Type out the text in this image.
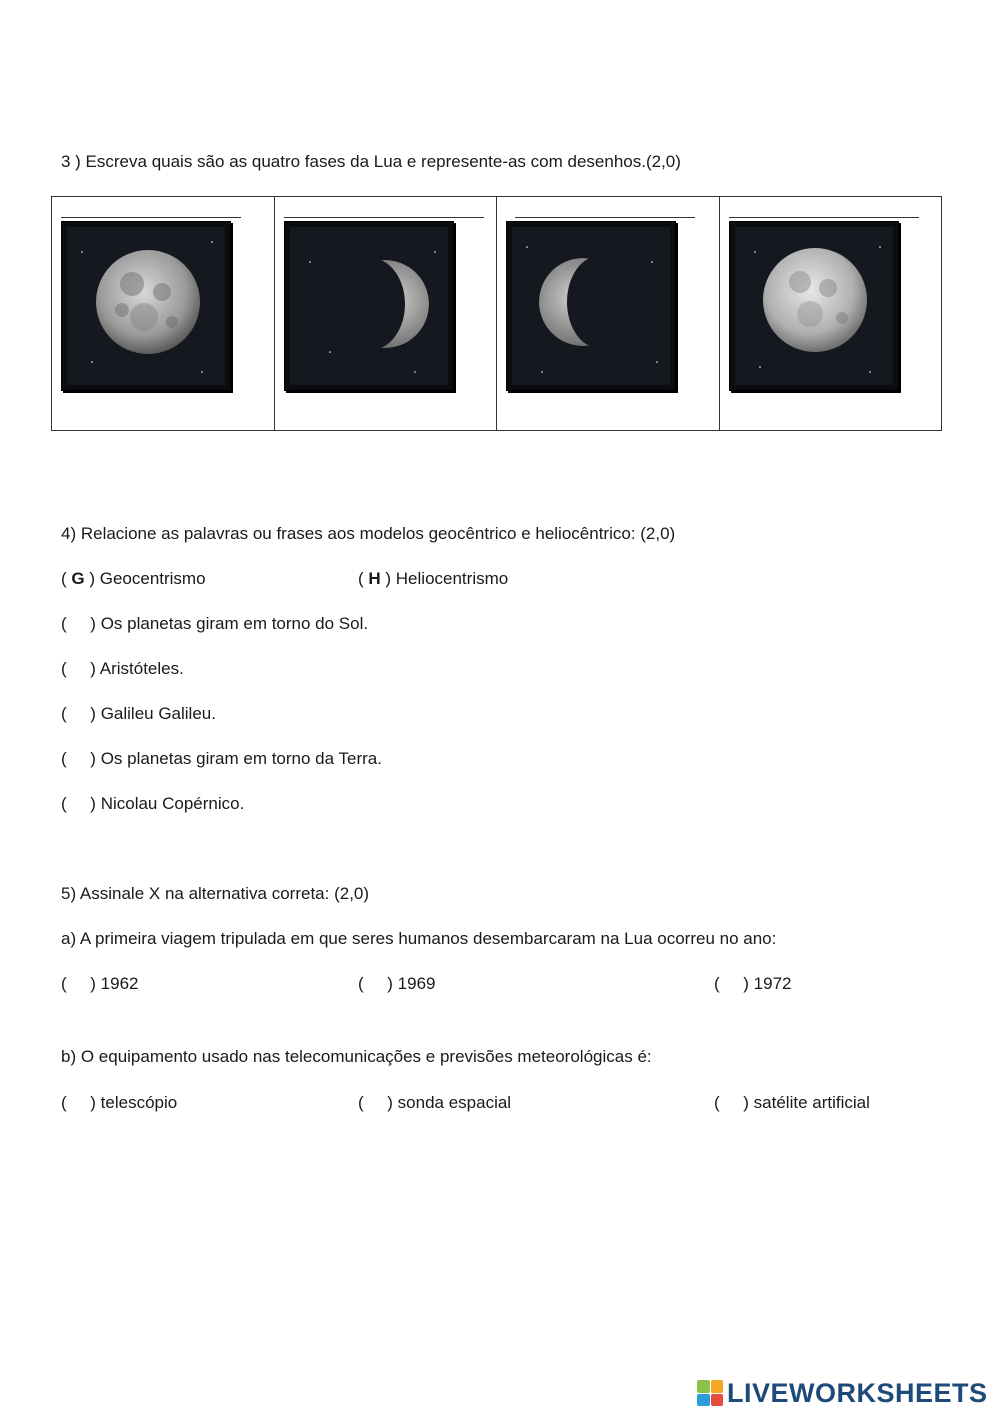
3 ) Escreva quais são as quatro fases da Lua e represente-as com desenhos.(2,0)
4) Relacione as palavras ou frases aos modelos geocêntrico e heliocêntrico: (2,0)
( G ) Geocentrismo	( H ) Heliocentrismo
(     ) Os planetas giram em torno do Sol.
(     ) Aristóteles.
(     ) Galileu Galileu.
(     ) Os planetas giram em torno da Terra.
(     ) Nicolau Copérnico.
5) Assinale X na alternativa correta: (2,0)
a) A primeira viagem tripulada em que seres humanos desembarcaram na Lua ocorreu no ano:
(     ) 1962	(     ) 1969	(     ) 1972
b) O equipamento usado nas telecomunicações e previsões meteorológicas é:
(     ) telescópio	(     ) sonda espacial	(     ) satélite artificial
LIVEWORKSHEETS
